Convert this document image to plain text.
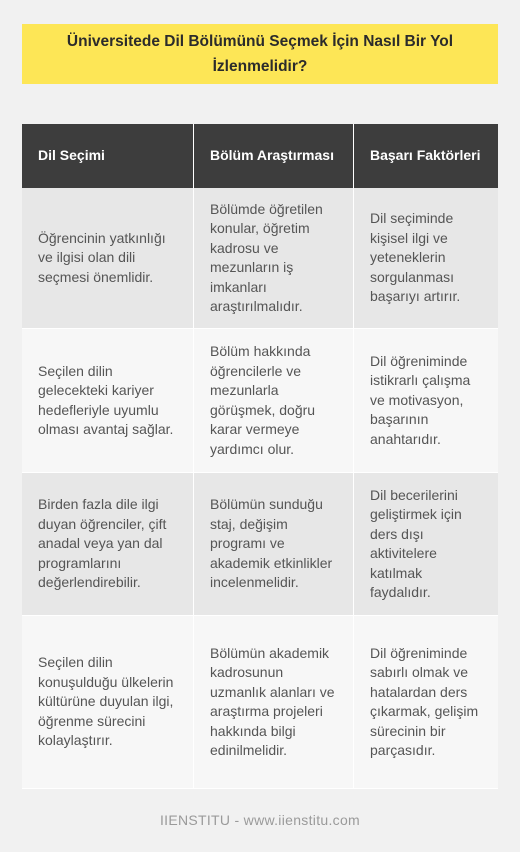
Üniversitede Dil Bölümünü Seçmek İçin Nasıl Bir Yol İzlenmelidir?
Dil Seçimi	Bölüm Araştırması	Başarı Faktörleri
Öğrencinin yatkınlığı ve ilgisi olan dili seçmesi önemlidir.	Bölümde öğretilen konular, öğretim kadrosu ve mezunların iş imkanları araştırılmalıdır.	Dil seçiminde kişisel ilgi ve yeteneklerin sorgulanması başarıyı artırır.
Seçilen dilin gelecekteki kariyer hedefleriyle uyumlu olması avantaj sağlar.	Bölüm hakkında öğrencilerle ve mezunlarla görüşmek, doğru karar vermeye yardımcı olur.	Dil öğreniminde istikrarlı çalışma ve motivasyon, başarının anahtarıdır.
Birden fazla dile ilgi duyan öğrenciler, çift anadal veya yan dal programlarını değerlendirebilir.	Bölümün sunduğu staj, değişim programı ve akademik etkinlikler incelenmelidir.	Dil becerilerini geliştirmek için ders dışı aktivitelere katılmak faydalıdır.
Seçilen dilin konuşulduğu ülkelerin kültürüne duyulan ilgi, öğrenme sürecini kolaylaştırır.	Bölümün akademik kadrosunun uzmanlık alanları ve araştırma projeleri hakkında bilgi edinilmelidir.	Dil öğreniminde sabırlı olmak ve hatalardan ders çıkarmak, gelişim sürecinin bir parçasıdır.
IIENSTITU - www.iienstitu.com
